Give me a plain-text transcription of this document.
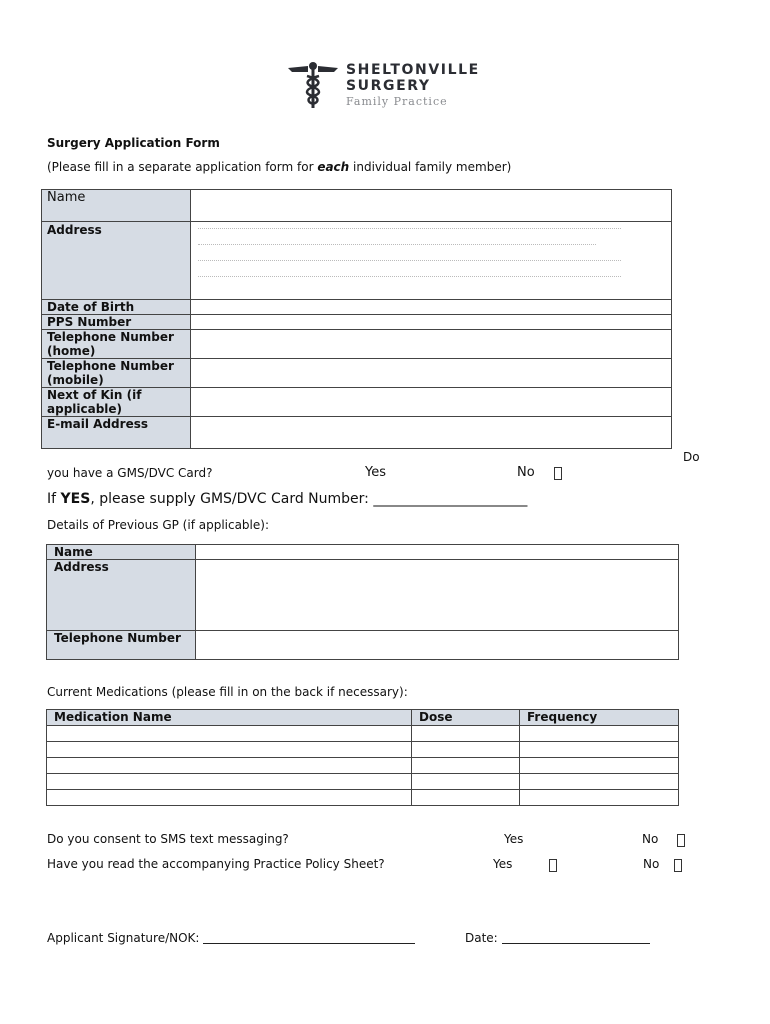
SHELTONVILLE
SURGERY
Family Practice
Surgery Application Form
(Please fill in a separate application form for each individual family member)
Name	
Address	

Date of Birth	
PPS Number	
Telephone Number (home)	
Telephone Number (mobile)	
Next of Kin (if applicable)	
E-mail Address	
Do
you have a GMS/DVC Card?	Yes	No
If YES, please supply GMS/DVC Card Number: ______________________
Details of Previous GP (if applicable):
Name	
Address	
Telephone Number	
Current Medications (please fill in on the back if necessary):
Medication Name	Dose	Frequency

Do you consent to SMS text messaging?	Yes	No
Have you read the accompanying Practice Policy Sheet?	Yes	No
Applicant Signature/NOK:	Date:
